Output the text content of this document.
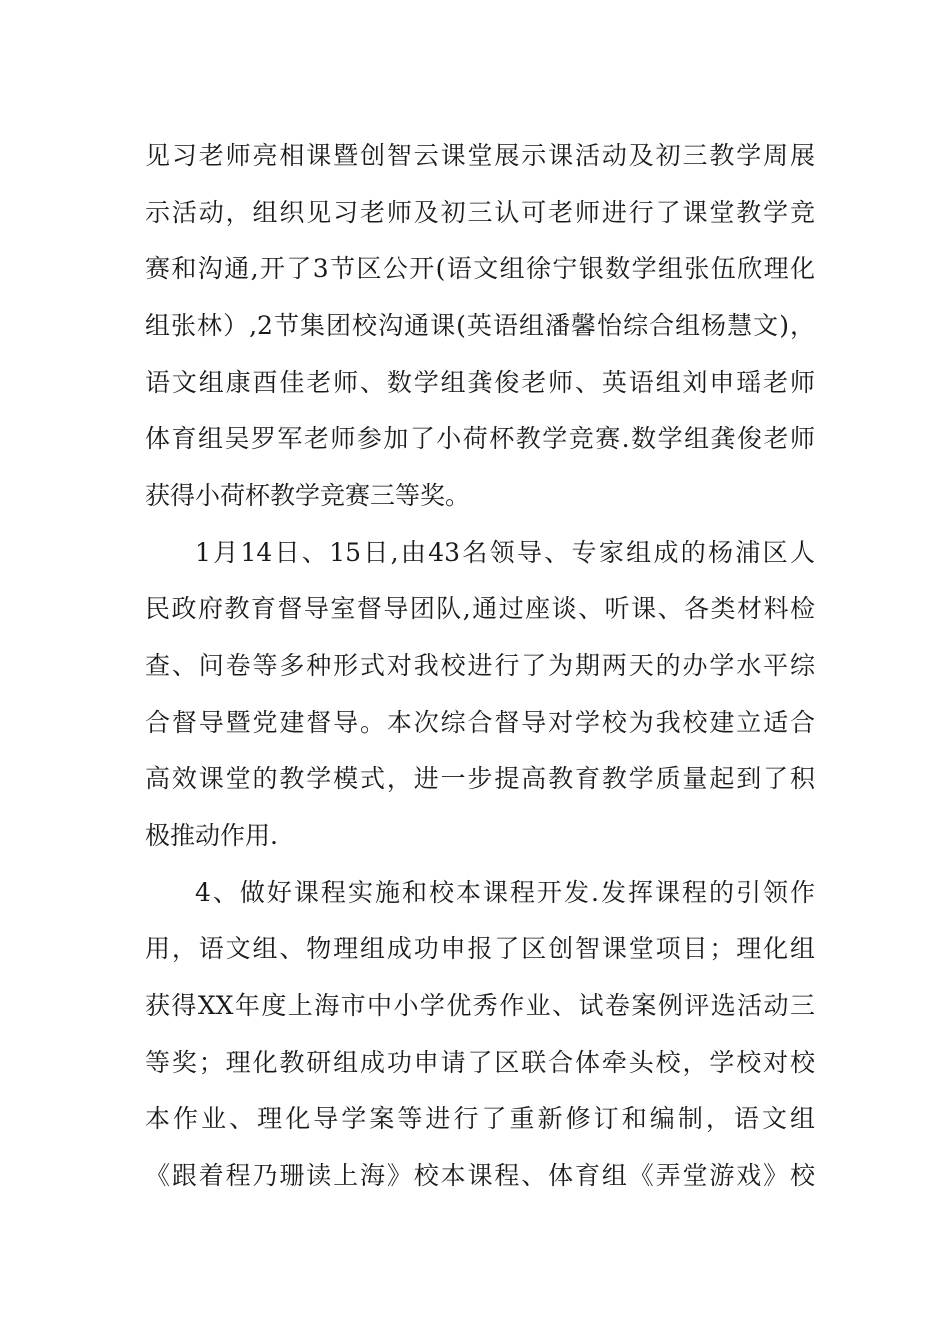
见习老师亮相课暨创智云课堂展示课活动及初三教学周展
示活动，组织见习老师及初三认可老师进行了课堂教学竞
赛和沟通,开了3节区公开(语文组徐宁银数学组张伍欣理化
组张林）,2节集团校沟通课(英语组潘馨怡综合组杨慧文)，
语文组康酉佳老师、数学组龚俊老师、英语组刘申瑶老师
体育组吴罗军老师参加了小荷杯教学竞赛.数学组龚俊老师
获得小荷杯教学竞赛三等奖。
1月14日、15日,由43名领导、专家组成的杨浦区人
民政府教育督导室督导团队,通过座谈、听课、各类材料检
查、问卷等多种形式对我校进行了为期两天的办学水平综
合督导暨党建督导。本次综合督导对学校为我校建立适合
高效课堂的教学模式，进一步提高教育教学质量起到了积
极推动作用.
4、做好课程实施和校本课程开发.发挥课程的引领作
用，语文组、物理组成功申报了区创智课堂项目；理化组
获得XX年度上海市中小学优秀作业、试卷案例评选活动三
等奖；理化教研组成功申请了区联合体牵头校，学校对校
本作业、理化导学案等进行了重新修订和编制，语文组
《跟着程乃珊读上海》校本课程、体育组《弄堂游戏》校
